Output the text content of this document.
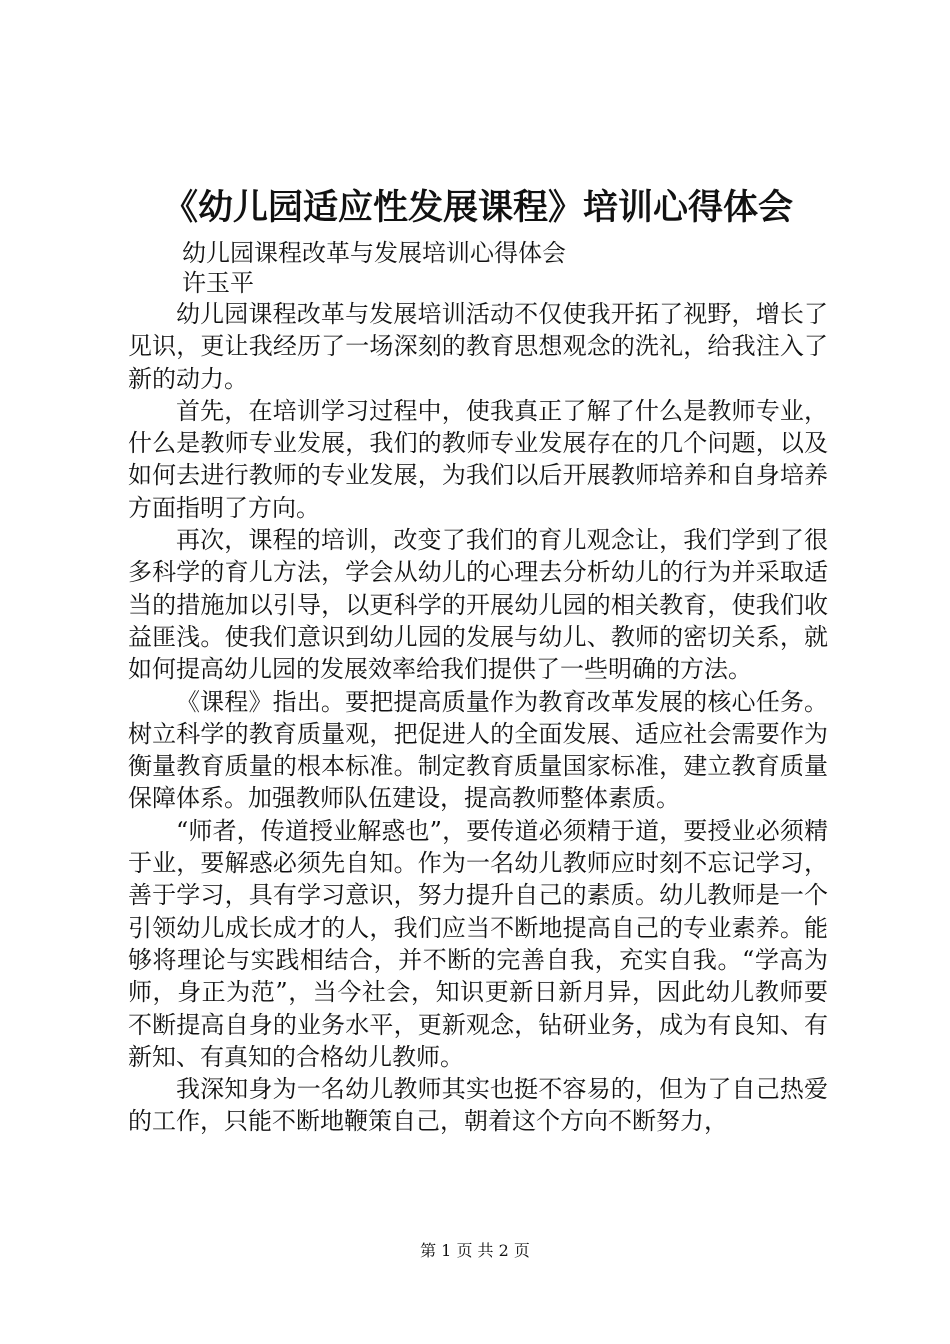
《幼儿园适应性发展课程》培训心得体会
幼儿园课程改革与发展培训心得体会
许玉平

幼儿园课程改革与发展培训活动不仅使我开拓了视野，增长了见识，更让我经历了一场深刻的教育思想观念的洗礼，给我注入了新的动力。

首先，在培训学习过程中，使我真正了解了什么是教师专业，什么是教师专业发展，我们的教师专业发展存在的几个问题，以及如何去进行教师的专业发展，为我们以后开展教师培养和自身培养方面指明了方向。

再次，课程的培训，改变了我们的育儿观念让，我们学到了很多科学的育儿方法，学会从幼儿的心理去分析幼儿的行为并采取适当的措施加以引导，以更科学的开展幼儿园的相关教育，使我们收益匪浅。使我们意识到幼儿园的发展与幼儿、教师的密切关系，就如何提高幼儿园的发展效率给我们提供了一些明确的方法。

《课程》指出。要把提高质量作为教育改革发展的核心任务。树立科学的教育质量观，把促进人的全面发展、适应社会需要作为衡量教育质量的根本标准。制定教育质量国家标准，建立教育质量保障体系。加强教师队伍建设，提高教师整体素质。

“师者，传道授业解惑也”，要传道必须精于道，要授业必须精于业，要解惑必须先自知。作为一名幼儿教师应时刻不忘记学习，善于学习，具有学习意识，努力提升自己的素质。幼儿教师是一个引领幼儿成长成才的人，我们应当不断地提高自己的专业素养。能够将理论与实践相结合，并不断的完善自我，充实自我。“学高为师，身正为范”，当今社会，知识更新日新月异，因此幼儿教师要不断提高自身的业务水平，更新观念，钻研业务，成为有良知、有新知、有真知的合格幼儿教师。

我深知身为一名幼儿教师其实也挺不容易的，但为了自己热爱的工作，只能不断地鞭策自己，朝着这个方向不断努力，

第 1 页 共 2 页
